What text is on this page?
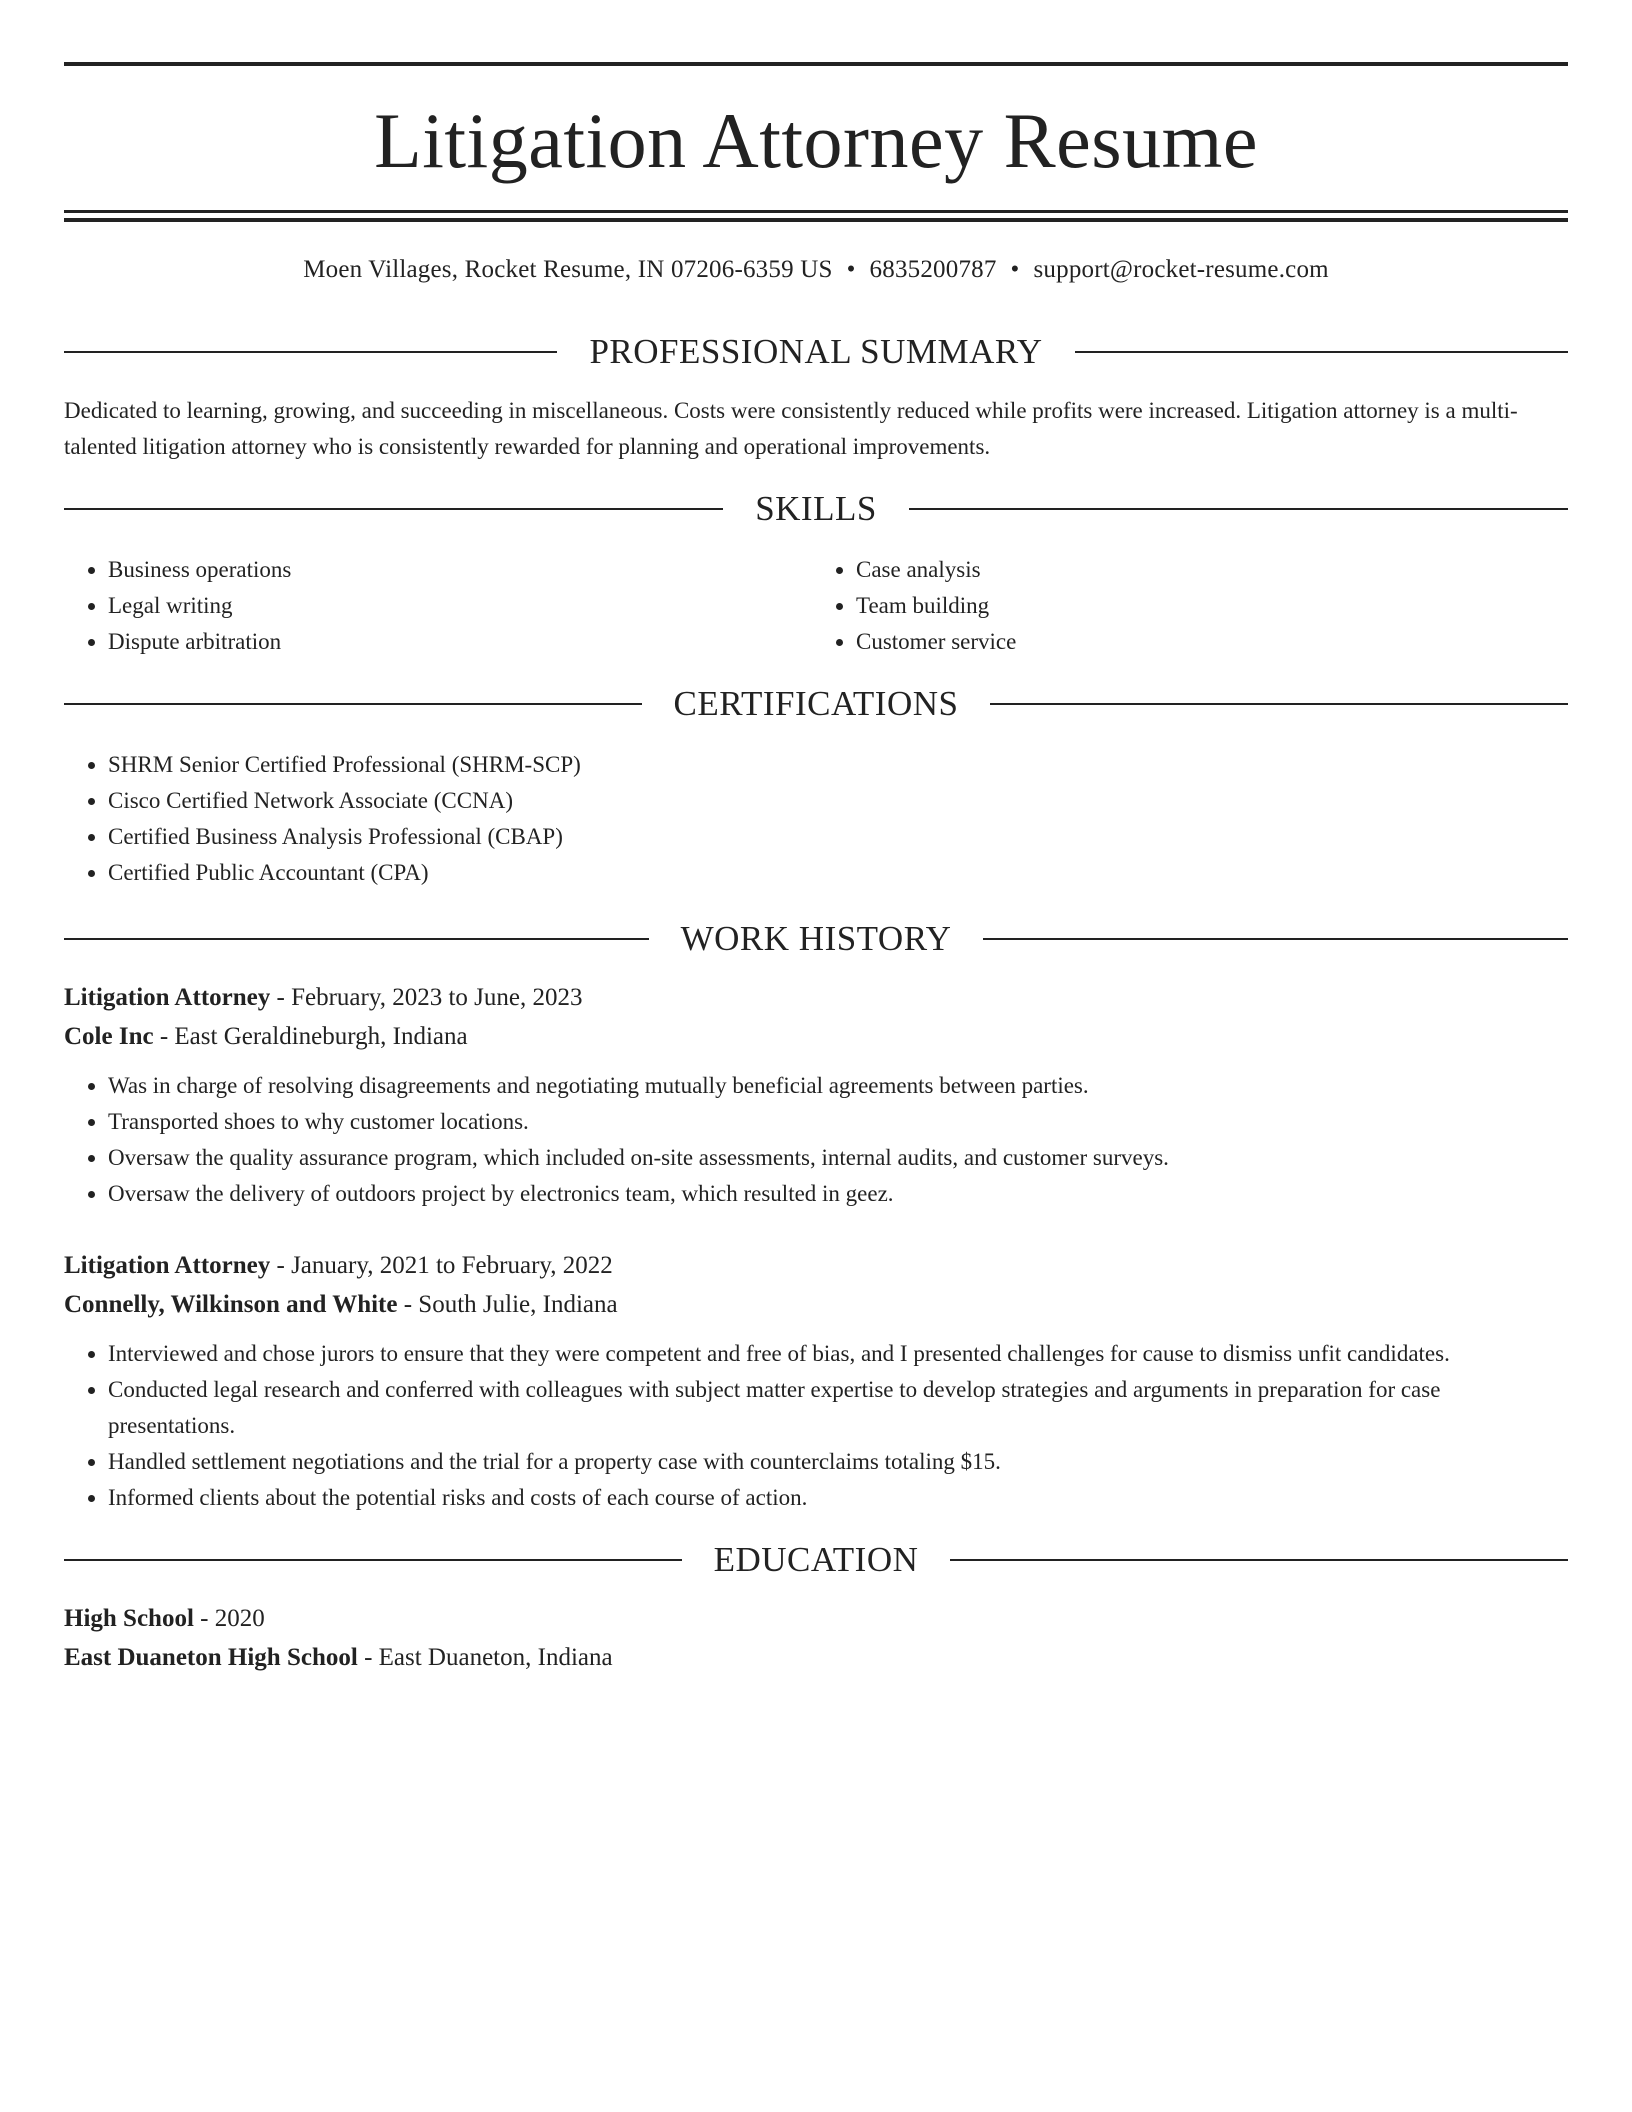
Litigation Attorney Resume
Moen Villages, Rocket Resume, IN 07206-6359 US • 6835200787 • support@rocket-resume.com
PROFESSIONAL SUMMARY

Dedicated to learning, growing, and succeeding in miscellaneous. Costs were consistently reduced while profits were increased. Litigation attorney is a multi-talented litigation attorney who is consistently rewarded for planning and operational improvements.

SKILLS
• Business operations
• Legal writing
• Dispute arbitration
• Case analysis
• Team building
• Customer service
CERTIFICATIONS
• SHRM Senior Certified Professional (SHRM-SCP)
• Cisco Certified Network Associate (CCNA)
• Certified Business Analysis Professional (CBAP)
• Certified Public Accountant (CPA)
WORK HISTORY
Litigation Attorney - February, 2023 to June, 2023
Cole Inc - East Geraldineburgh, Indiana
• Was in charge of resolving disagreements and negotiating mutually beneficial agreements between parties.
• Transported shoes to why customer locations.
• Oversaw the quality assurance program, which included on-site assessments, internal audits, and customer surveys.
• Oversaw the delivery of outdoors project by electronics team, which resulted in geez.
Litigation Attorney - January, 2021 to February, 2022
Connelly, Wilkinson and White - South Julie, Indiana
• Interviewed and chose jurors to ensure that they were competent and free of bias, and I presented challenges for cause to dismiss unfit candidates.
• Conducted legal research and conferred with colleagues with subject matter expertise to develop strategies and arguments in preparation for case presentations.
• Handled settlement negotiations and the trial for a property case with counterclaims totaling $15.
• Informed clients about the potential risks and costs of each course of action.
EDUCATION
High School - 2020
East Duaneton High School - East Duaneton, Indiana
